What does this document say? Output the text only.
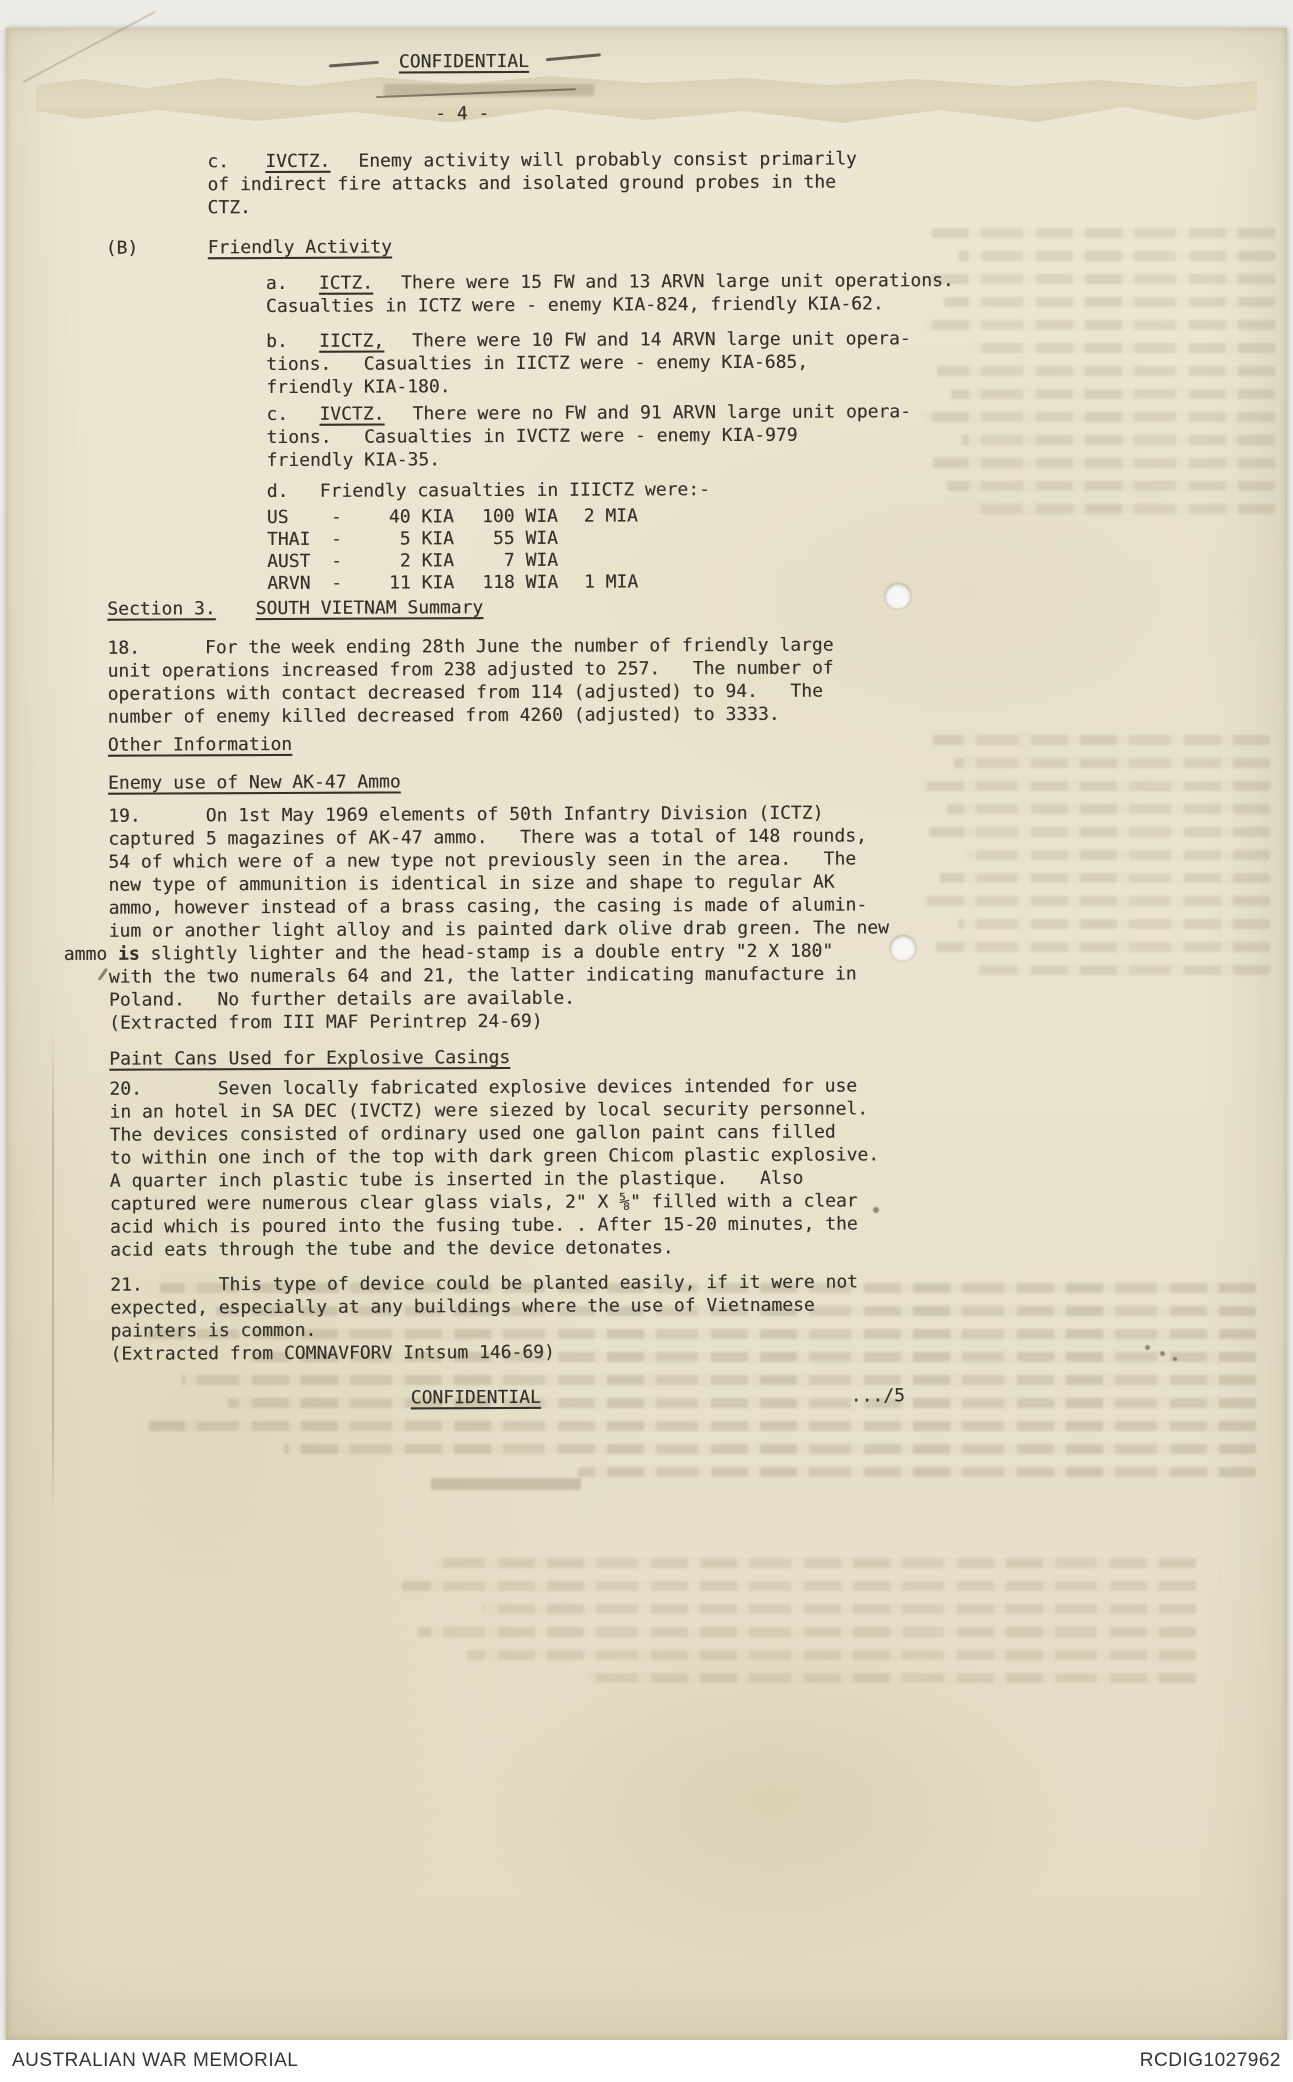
CONFIDENTIAL
- 4 -
c. IVCTZ. Enemy activity will probably consist primarily
of indirect fire attacks and isolated ground probes in the
CTZ.
(B)	Friendly Activity
a. ICTZ. There were 15 FW and 13 ARVN large unit operations.
Casualties in ICTZ were - enemy KIA-824, friendly KIA-62.
b. IICTZ, There were 10 FW and 14 ARVN large unit opera-
tions.   Casualties in IICTZ were - enemy KIA-685,
friendly KIA-180.
c. IVCTZ. There were no FW and 91 ARVN large unit opera-
tions.   Casualties in IVCTZ were - enemy KIA-979
friendly KIA-35.
d. Friendly casualties in IIICTZ were:-
US	-	40 KIA	100 WIA	2 MIA
THAI	-	5 KIA	55 WIA	
AUST	-	2 KIA	7 WIA	
ARVN	-	11 KIA	118 WIA	1 MIA
Section 3. SOUTH VIETNAM Summary
18.      For the week ending 28th June the number of friendly large
unit operations increased from 238 adjusted to 257.   The number of
operations with contact decreased from 114 (adjusted) to 94.   The
number of enemy killed decreased from 4260 (adjusted) to 3333.
Other Information
Enemy use of New AK-47 Ammo
19.      On 1st May 1969 elements of 50th Infantry Division (ICTZ)
captured 5 magazines of AK-47 ammo.   There was a total of 148 rounds,
54 of which were of a new type not previously seen in the area.   The
new type of ammunition is identical in size and shape to regular AK
ammo, however instead of a brass casing, the casing is made of alumin-
ium or another light alloy and is painted dark olive drab green. The new
ammo is slightly lighter and the head-stamp is a double entry "2 X 180"
with the two numerals 64 and 21, the latter indicating manufacture in
Poland.   No further details are available.
(Extracted from III MAF Perintrep 24-69)
Paint Cans Used for Explosive Casings
20.       Seven locally fabricated explosive devices intended for use
in an hotel in SA DEC (IVCTZ) were siezed by local security personnel.
The devices consisted of ordinary used one gallon paint cans filled
to within one inch of the top with dark green Chicom plastic explosive.
A quarter inch plastic tube is inserted in the plastique.   Also
captured were numerous clear glass vials, 2" X ⅝" filled with a clear
acid which is poured into the fusing tube. . After 15-20 minutes, the
acid eats through the tube and the device detonates.
21.       This type of device could be planted easily, if it were not
expected, especially at any buildings where the use of Vietnamese
painters is common.
(Extracted from COMNAVFORV Intsum 146-69)
CONFIDENTIAL	.../5
AUSTRALIAN WAR MEMORIAL	RCDIG1027962
